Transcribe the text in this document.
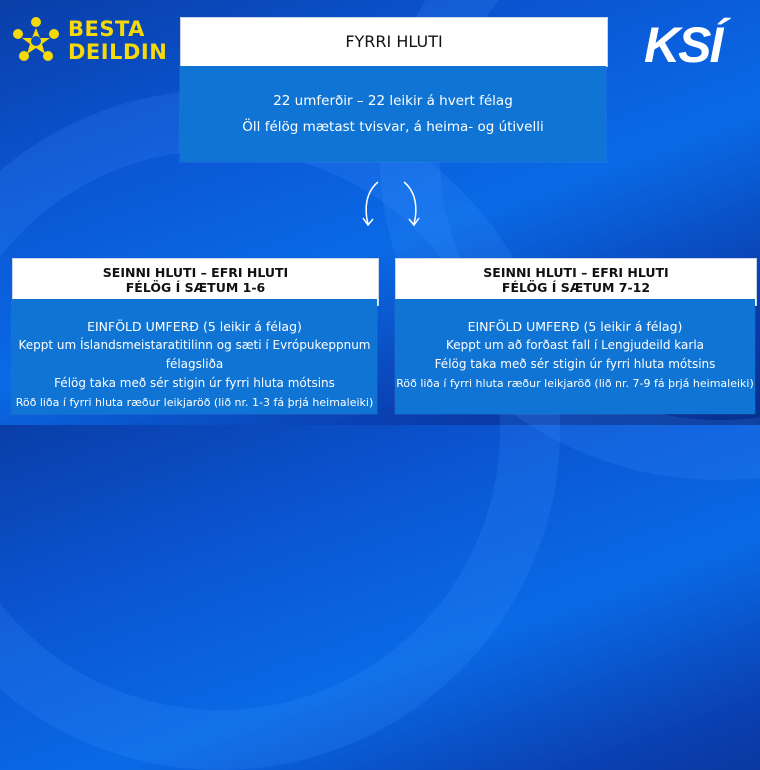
BESTA
DEILDIN	KSÍ
FYRRI HLUTI
22 umferðir – 22 leikir á hvert félag
Öll félög mætast tvisvar, á heima- og útivelli
SEINNI HLUTI – EFRI HLUTI
FÉLÖG Í SÆTUM 1-6
EINFÖLD UMFERÐ (5 leikir á félag)
Keppt um Íslandsmeistaratitilinn og sæti í Evrópukeppnum félagsliða
Félög taka með sér stigin úr fyrri hluta mótsins
Röð liða í fyrri hluta ræður leikjaröð (lið nr. 1-3 fá þrjá heimaleiki)
SEINNI HLUTI – EFRI HLUTI
FÉLÖG Í SÆTUM 7-12
EINFÖLD UMFERÐ (5 leikir á félag)
Keppt um að forðast fall í Lengjudeild karla
Félög taka með sér stigin úr fyrri hluta mótsins
Röð liða í fyrri hluta ræður leikjaröð (lið nr. 7-9 fá þrjá heimaleiki)
